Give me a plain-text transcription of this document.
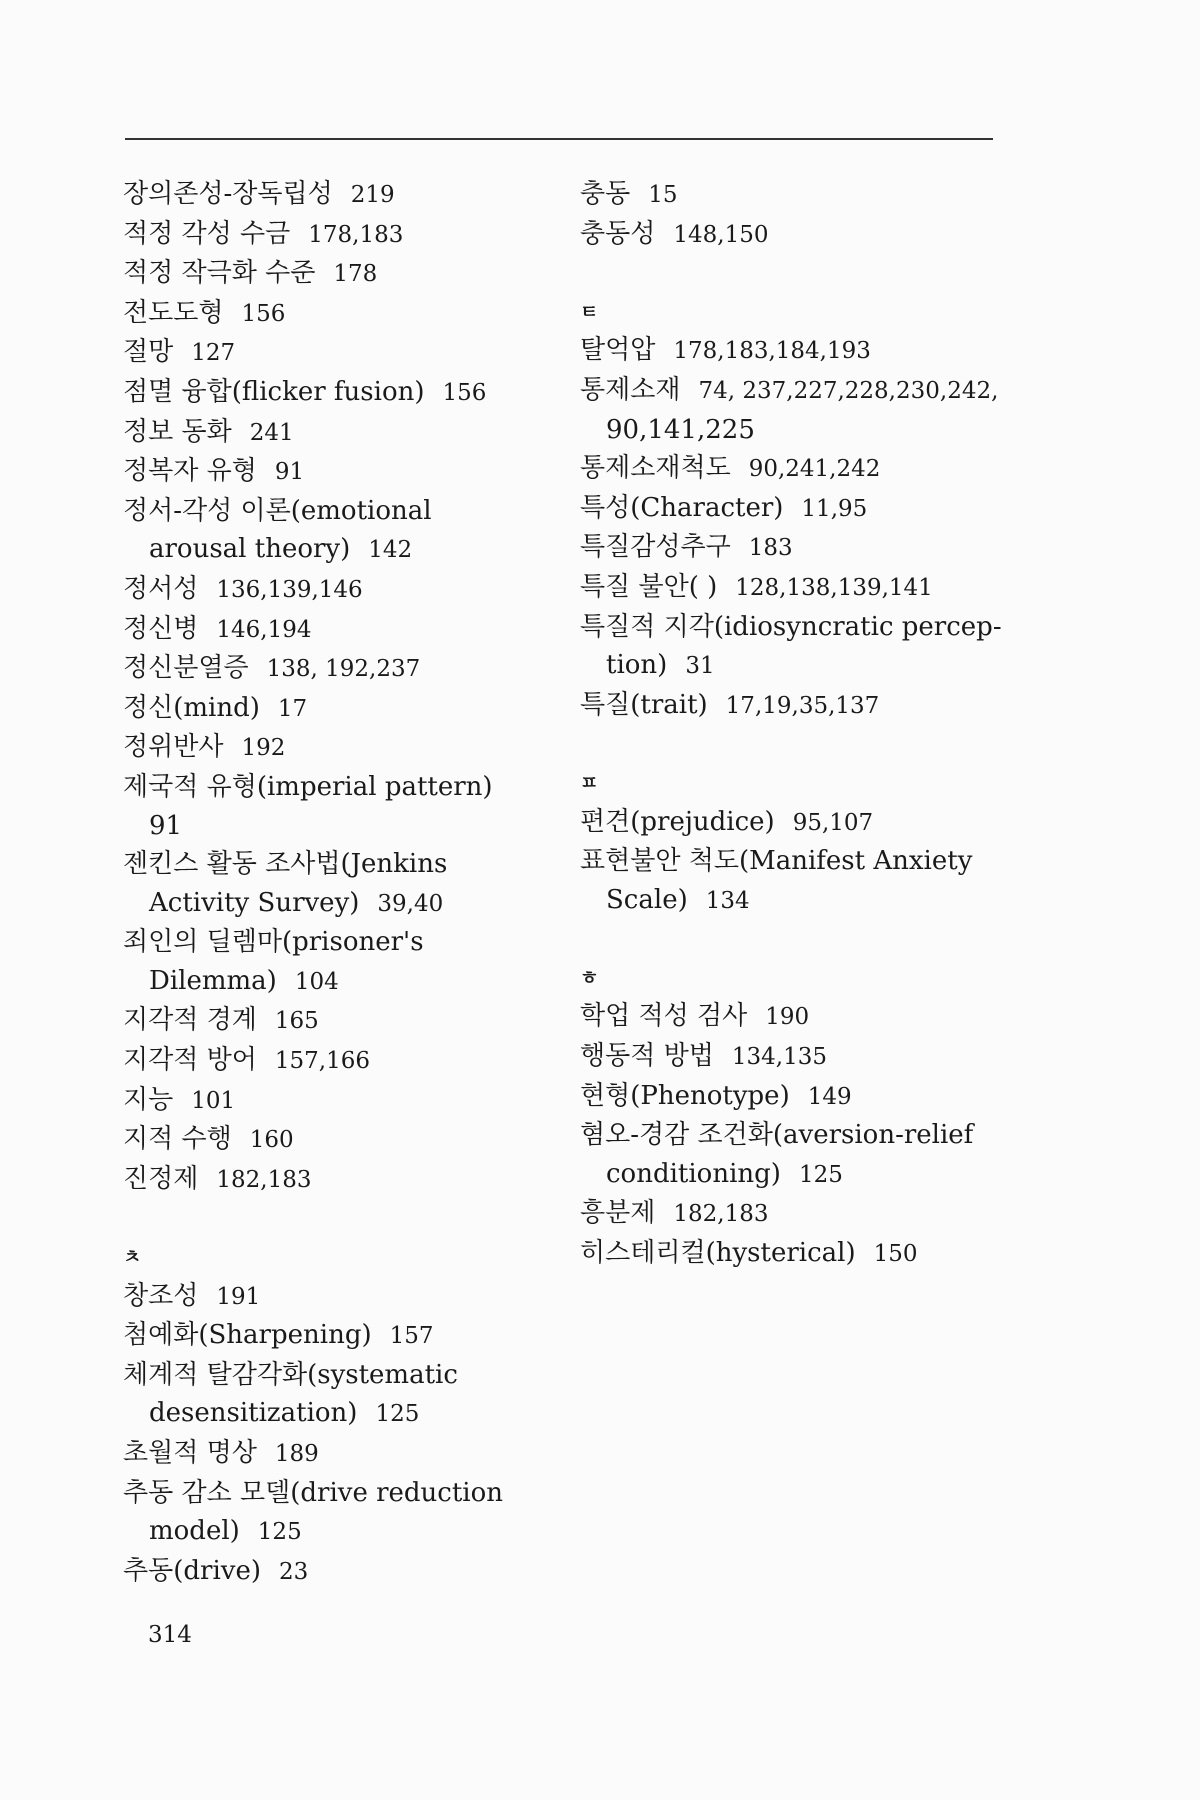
장의존성-장독립성 219
적정 각성 수금 178,183
적정 작극화 수준 178
전도도형 156
절망 127
점멸 융합(flicker fusion) 156
정보 동화 241
정복자 유형 91
정서-각성 이론(emotional
arousal theory) 142
정서성 136,139,146
정신병 146,194
정신분열증 138, 192,237
정신(mind) 17
정위반사 192
제국적 유형(imperial pattern)
91
젠킨스 활동 조사법(Jenkins
Activity Survey) 39,40
죄인의 딜렘마(prisoner's
Dilemma) 104
지각적 경계 165
지각적 방어 157,166
지능 101
지적 수행 160
진정제 182,183
ㅊ
창조성 191
첨예화(Sharpening) 157
체계적 탈감각화(systematic
desensitization) 125
초월적 명상 189
추동 감소 모델(drive reduction
model) 125
추동(drive) 23
충동 15
충동성 148,150
ㅌ
탈억압 178,183,184,193
통제소재 74, 237,227,228,230,242,
90,141,225
통제소재척도 90,241,242
특성(Character) 11,95
특질감성추구 183
특질 불안( ) 128,138,139,141
특질적 지각(idiosyncratic percep-
tion) 31
특질(trait) 17,19,35,137
ㅍ
편견(prejudice) 95,107
표현불안 척도(Manifest Anxiety
Scale) 134
ㅎ
학업 적성 검사 190
행동적 방법 134,135
현형(Phenotype) 149
혐오-경감 조건화(aversion-relief
conditioning) 125
흥분제 182,183
히스테리컬(hysterical) 150
314
